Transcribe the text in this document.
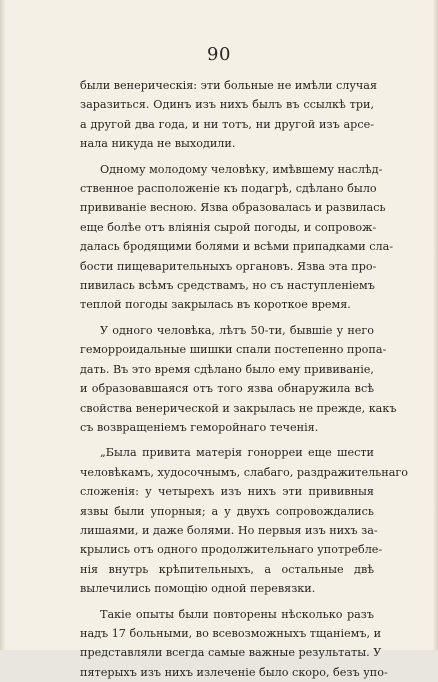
90
были венерическія: эти больные не имѣли случая
заразиться. Одинъ изъ нихъ былъ въ ссылкѣ три,
а другой два года, и ни тотъ, ни другой изъ арсе-
нала никуда не выходили.
Одному молодому человѣку, имѣвшему наслѣд-
ственное расположеніе къ подагрѣ, сдѣлано было
прививаніе весною. Язва образовалась и развилась
еще болѣе отъ вліянія сырой погоды, и сопровож-
далась бродящими болями и всѣми припадками сла-
бости пищеварительныхъ органовъ. Язва эта про-
пивилась всѣмъ средствамъ, но съ наступленіемъ
теплой погоды закрылась въ короткое время.
У одного человѣка, лѣтъ 50-ти, бывшіе у него
геморроидальные шишки спали постепенно пропа-
дать. Въ это время сдѣлано было ему прививаніе,
и образовавшаяся отъ того язва обнаружила всѣ
свойства венерической и закрылась не прежде, какъ
съ возвращеніемъ геморойнаго теченія.
„Была привита матерія гонорреи еще шести
человѣкамъ, худосочнымъ, слабаго, раздражительнаго
сложенія: у четырехъ изъ нихъ эти прививныя
язвы были упорныя; а у двухъ сопровождались
лишаями, и даже болями. Но первыя изъ нихъ за-
крылись отъ одного продолжительнаго употребле-
нія внутрь крѣпительныхъ, а остальные двѣ
вылечились помощію одной перевязки.
Такіе опыты были повторены нѣсколько разъ
надъ 17 больными, во всевозможныхъ тщаніемъ, и
представляли всегда самые важные результаты. У
пятерыхъ изъ нихъ излеченіе было скоро, безъ упо-
